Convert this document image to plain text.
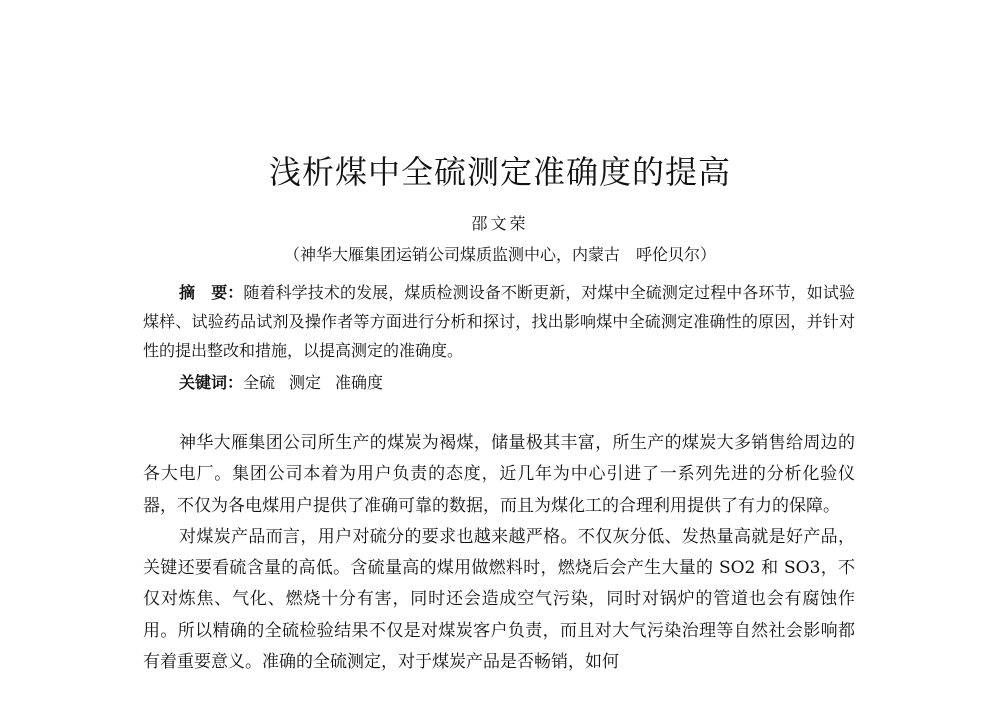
浅析煤中全硫测定准确度的提高
邵文荣
（神华大雁集团运销公司煤质监测中心，内蒙古　呼伦贝尔）

摘　要：随着科学技术的发展，煤质检测设备不断更新，对煤中全硫测定过程中各环节，如试验煤样、试验药品试剂及操作者等方面进行分析和探讨，找出影响煤中全硫测定准确性的原因，并针对性的提出整改和措施，以提高测定的准确度。

关键词：全硫 测定 准确度

神华大雁集团公司所生产的煤炭为褐煤，储量极其丰富，所生产的煤炭大多销售给周边的各大电厂。集团公司本着为用户负责的态度，近几年为中心引进了一系列先进的分析化验仪器，不仅为各电煤用户提供了准确可靠的数据，而且为煤化工的合理利用提供了有力的保障。

对煤炭产品而言，用户对硫分的要求也越来越严格。不仅灰分低、发热量高就是好产品，关键还要看硫含量的高低。含硫量高的煤用做燃料时，燃烧后会产生大量的 SO2 和 SO3，不仅对炼焦、气化、燃烧十分有害，同时还会造成空气污染，同时对锅炉的管道也会有腐蚀作用。所以精确的全硫检验结果不仅是对煤炭客户负责，而且对大气污染治理等自然社会影响都有着重要意义。准确的全硫测定，对于煤炭产品是否畅销，如何
